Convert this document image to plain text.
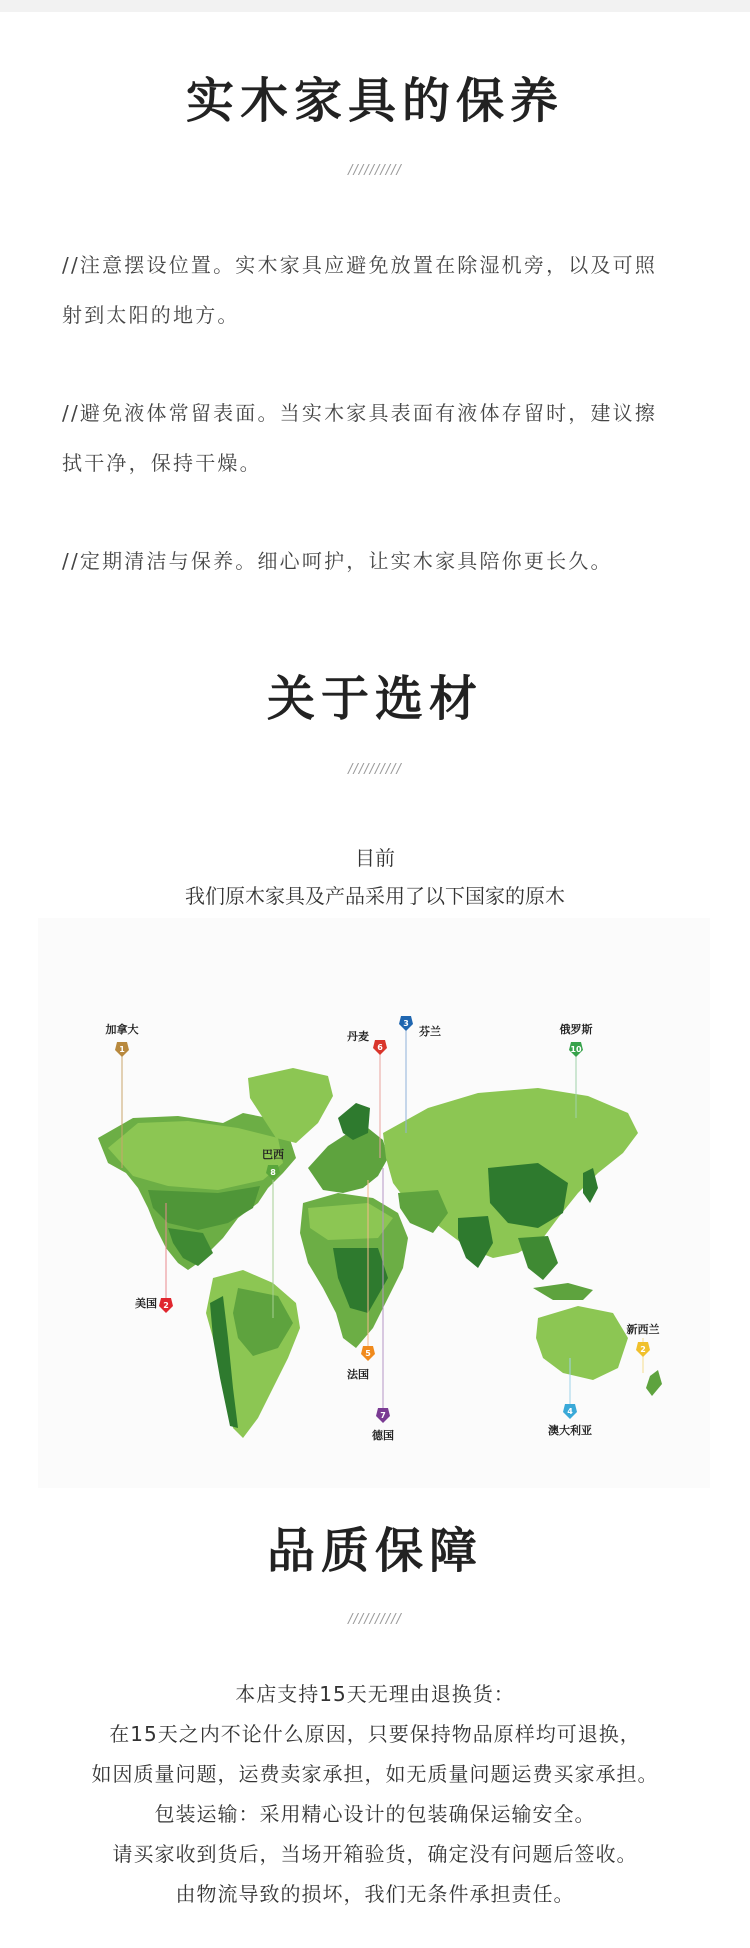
实木家具的保养
//////////
//注意摆设位置。实木家具应避免放置在除湿机旁，以及可照
射到太阳的地方。
//避免液体常留表面。当实木家具表面有液体存留时，建议擦
拭干净，保持干燥。
//定期清洁与保养。细心呵护，让实木家具陪你更长久。
关于选材
//////////
目前
我们原木家具及产品采用了以下国家的原木
1
加拿大
2
美国
6
丹麦
3
芬兰
8
巴西
5
法国
7
德国
10
俄罗斯
2
新西兰
4
澳大利亚
品质保障
//////////
本店支持15天无理由退换货：
在15天之内不论什么原因，只要保持物品原样均可退换，
如因质量问题，运费卖家承担，如无质量问题运费买家承担。
包装运输：采用精心设计的包装确保运输安全。
请买家收到货后，当场开箱验货，确定没有问题后签收。
由物流导致的损坏，我们无条件承担责任。
